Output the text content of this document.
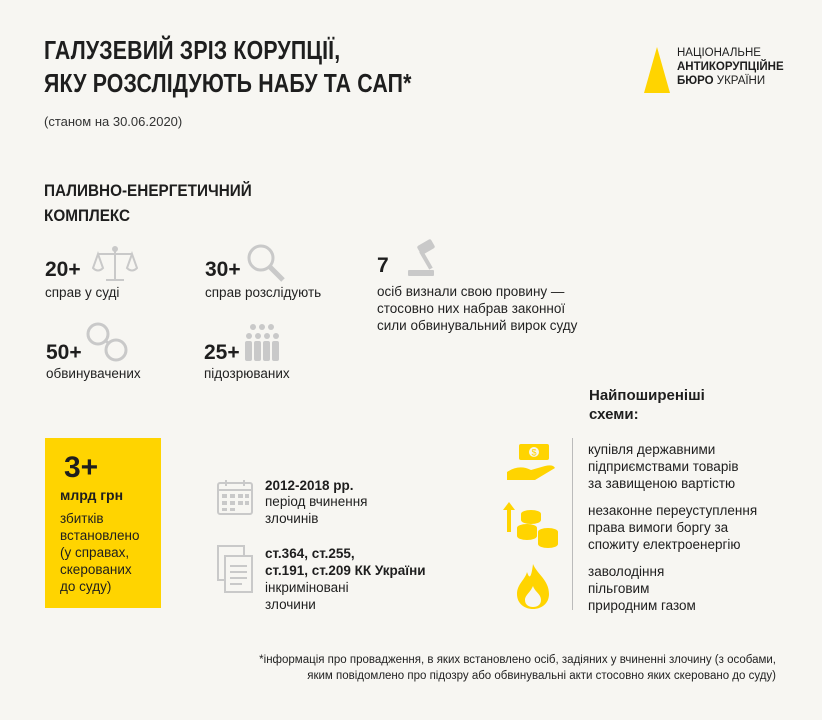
ГАЛУЗЕВИЙ ЗРІЗ КОРУПЦІЇ,
ЯКУ РОЗСЛІДУЮТЬ НАБУ ТА САП*
(станом на 30.06.2020)
НАЦІОНАЛЬНЕ
АНТИКОРУПЦІЙНЕ
БЮРО УКРАЇНИ
ПАЛИВНО-ЕНЕРГЕТИЧНИЙ
КОМПЛЕКС
20+
справ у суді
30+
справ розслідують
7
осіб визнали свою провину —
стосовно них набрав законної
сили обвинувальний вирок суду
50+
обвинувачених
25+
підозрюваних
3+
млрд грн
збитків
встановлено
(у справах,
скерованих
до суду)
2012-2018 рр.
період вчинення
злочинів
ст.364, ст.255,
ст.191, ст.209 КК України
інкриміновані
злочини
Найпоширеніші
схеми:
$	купівля державними
підприємствами товарів
за завищеною вартістю
незаконне переуступлення
права вимоги боргу за
спожиту електроенергію
заволодіння
пільговим
природним газом
*інформація про провадження, в яких встановлено осіб, задіяних у вчиненні злочину (з особами,
яким повідомлено про підозру або обвинувальні акти стосовно яких скеровано до суду)
